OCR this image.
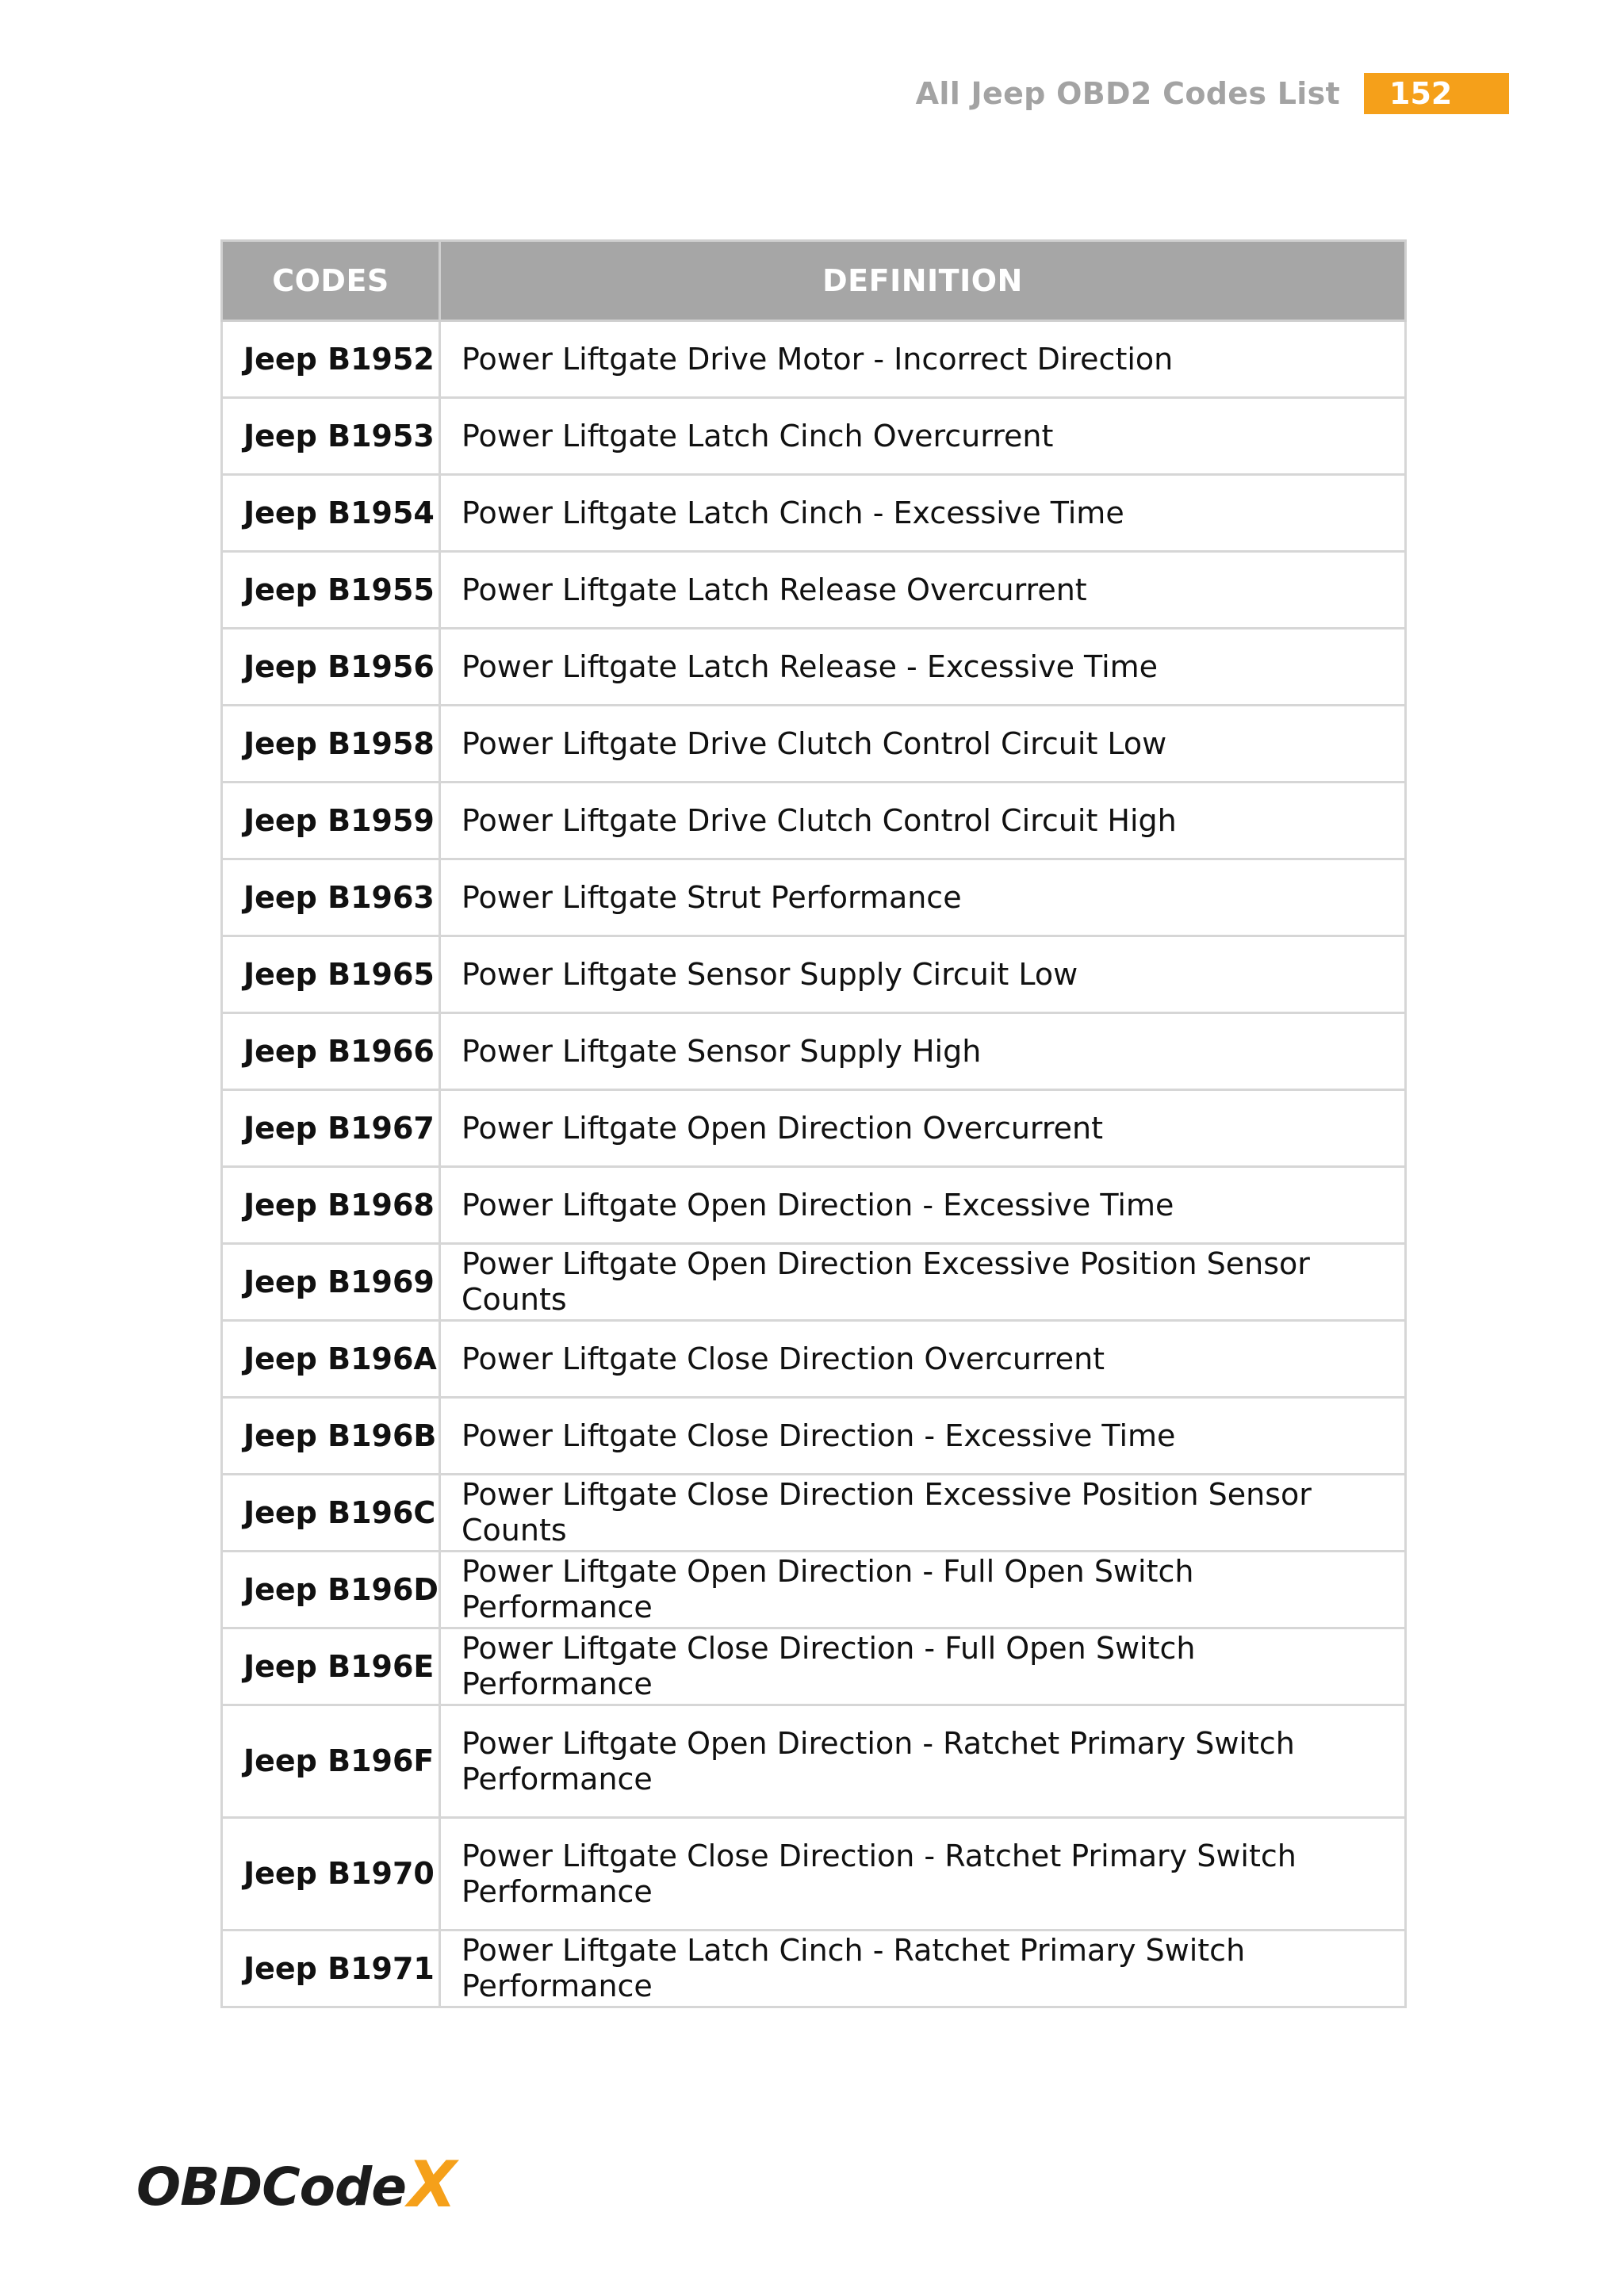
All Jeep OBD2 Codes List	152
CODES	DEFINITION
Jeep B1952	Power Liftgate Drive Motor - Incorrect Direction
Jeep B1953	Power Liftgate Latch Cinch Overcurrent
Jeep B1954	Power Liftgate Latch Cinch - Excessive Time
Jeep B1955	Power Liftgate Latch Release Overcurrent
Jeep B1956	Power Liftgate Latch Release - Excessive Time
Jeep B1958	Power Liftgate Drive Clutch Control Circuit Low
Jeep B1959	Power Liftgate Drive Clutch Control Circuit High
Jeep B1963	Power Liftgate Strut Performance
Jeep B1965	Power Liftgate Sensor Supply Circuit Low
Jeep B1966	Power Liftgate Sensor Supply High
Jeep B1967	Power Liftgate Open Direction Overcurrent
Jeep B1968	Power Liftgate Open Direction - Excessive Time
Jeep B1969	Power Liftgate Open Direction Excessive Position Sensor Counts
Jeep B196A	Power Liftgate Close Direction Overcurrent
Jeep B196B	Power Liftgate Close Direction - Excessive Time
Jeep B196C	Power Liftgate Close Direction Excessive Position Sensor Counts
Jeep B196D	Power Liftgate Open Direction - Full Open Switch Performance
Jeep B196E	Power Liftgate Close Direction - Full Open Switch Performance
Jeep B196F	Power Liftgate Open Direction - Ratchet Primary Switch Performance
Jeep B1970	Power Liftgate Close Direction - Ratchet Primary Switch Performance
Jeep B1971	Power Liftgate Latch Cinch - Ratchet Primary Switch Performance
OBDCode X
